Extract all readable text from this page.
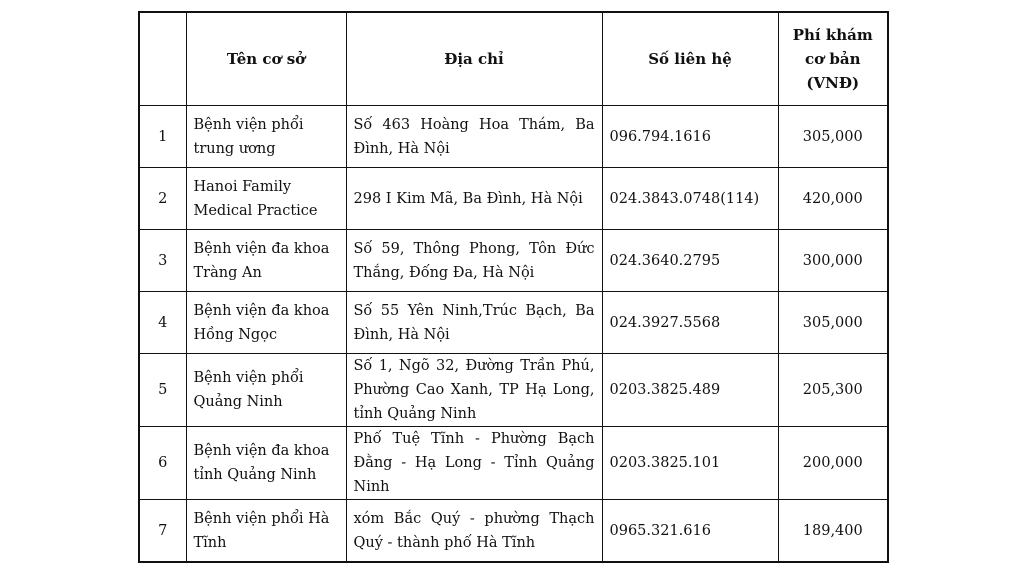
	Tên cơ sở	Địa chỉ	Số liên hệ	Phí khám
cơ bản
(VNĐ)

1	Bệnh viện phổi trung ương	Số 463 Hoàng Hoa Thám, Ba Đình, Hà Nội	096.794.1616	305,000
2	Hanoi Family Medical Practice	298 I Kim Mã, Ba Đình, Hà Nội	024.3843.0748(114)	420,000
3	Bệnh viện đa khoa Tràng An	Số 59, Thông Phong, Tôn Đức Thắng, Đống Đa, Hà Nội	024.3640.2795	300,000
4	Bệnh viện đa khoa Hồng Ngọc	Số 55 Yên Ninh,Trúc Bạch, Ba Đình, Hà Nội	024.3927.5568	305,000
5	Bệnh viện phổi Quảng Ninh	Số 1, Ngõ 32, Đường Trần Phú, Phường Cao Xanh, TP Hạ Long, tỉnh Quảng Ninh	0203.3825.489	205,300
6	Bệnh viện đa khoa tỉnh Quảng Ninh	Phố Tuệ Tĩnh - Phường Bạch Đằng - Hạ Long - Tỉnh Quảng Ninh	0203.3825.101	200,000
7	Bệnh viện phổi Hà Tĩnh	xóm Bắc Quý - phường Thạch Quý - thành phố Hà Tĩnh	0965.321.616	189,400
